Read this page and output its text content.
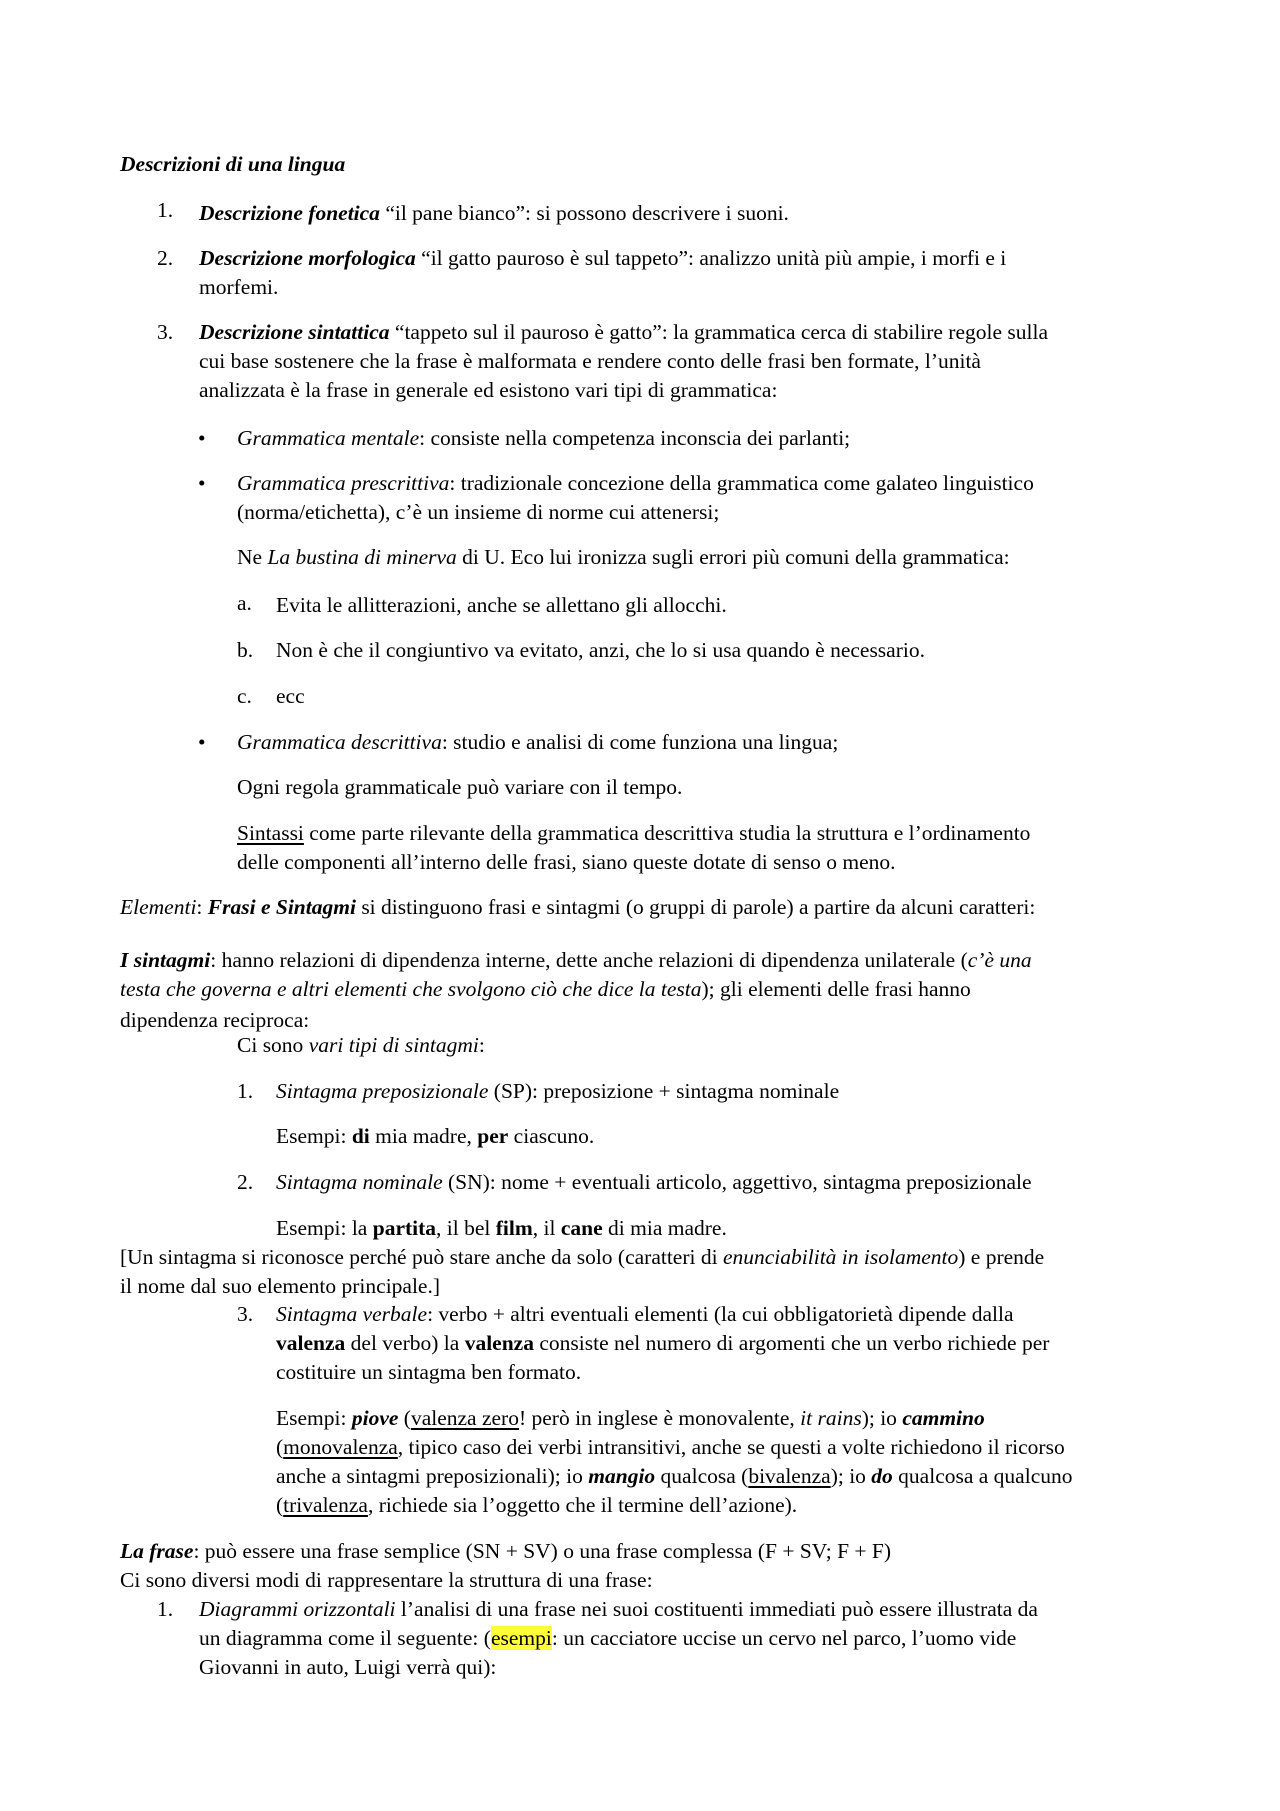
Descrizioni di una lingua
1. Descrizione fonetica “il pane bianco”: si possono descrivere i suoni.
2. Descrizione morfologica “il gatto pauroso è sul tappeto”: analizzo unità più ampie, i morfi e i
morfemi.
3. Descrizione sintattica “tappeto sul il pauroso è gatto”: la grammatica cerca di stabilire regole sulla
cui base sostenere che la frase è malformata e rendere conto delle frasi ben formate, l’unità
analizzata è la frase in generale ed esistono vari tipi di grammatica:
• Grammatica mentale: consiste nella competenza inconscia dei parlanti;
• Grammatica prescrittiva: tradizionale concezione della grammatica come galateo linguistico
(norma/etichetta), c’è un insieme di norme cui attenersi;
Ne La bustina di minerva di U. Eco lui ironizza sugli errori più comuni della grammatica:
a. Evita le allitterazioni, anche se allettano gli allocchi.
b. Non è che il congiuntivo va evitato, anzi, che lo si usa quando è necessario.
c. ecc
• Grammatica descrittiva: studio e analisi di come funziona una lingua;
Ogni regola grammaticale può variare con il tempo.
Sintassi come parte rilevante della grammatica descrittiva studia la struttura e l’ordinamento
delle componenti all’interno delle frasi, siano queste dotate di senso o meno.
Elementi: Frasi e Sintagmi si distinguono frasi e sintagmi (o gruppi di parole) a partire da alcuni caratteri:
I sintagmi: hanno relazioni di dipendenza interne, dette anche relazioni di dipendenza unilaterale (c’è una
testa che governa e altri elementi che svolgono ciò che dice la testa); gli elementi delle frasi hanno
dipendenza reciproca:
Ci sono vari tipi di sintagmi:
1. Sintagma preposizionale (SP): preposizione + sintagma nominale
Esempi: di mia madre, per ciascuno.
2. Sintagma nominale (SN): nome + eventuali articolo, aggettivo, sintagma preposizionale
Esempi: la partita, il bel film, il cane di mia madre.
[Un sintagma si riconosce perché può stare anche da solo (caratteri di enunciabilità in isolamento) e prende
il nome dal suo elemento principale.]
3. Sintagma verbale: verbo + altri eventuali elementi (la cui obbligatorietà dipende dalla
valenza del verbo) la valenza consiste nel numero di argomenti che un verbo richiede per
costituire un sintagma ben formato.
Esempi: piove (valenza zero! però in inglese è monovalente, it rains); io cammino
(monovalenza, tipico caso dei verbi intransitivi, anche se questi a volte richiedono il ricorso
anche a sintagmi preposizionali); io mangio qualcosa (bivalenza); io do qualcosa a qualcuno
(trivalenza, richiede sia l’oggetto che il termine dell’azione).
La frase: può essere una frase semplice (SN + SV) o una frase complessa (F + SV; F + F)
Ci sono diversi modi di rappresentare la struttura di una frase:
1. Diagrammi orizzontali l’analisi di una frase nei suoi costituenti immediati può essere illustrata da
un diagramma come il seguente: (esempi: un cacciatore uccise un cervo nel parco, l’uomo vide
Giovanni in auto, Luigi verrà qui):
